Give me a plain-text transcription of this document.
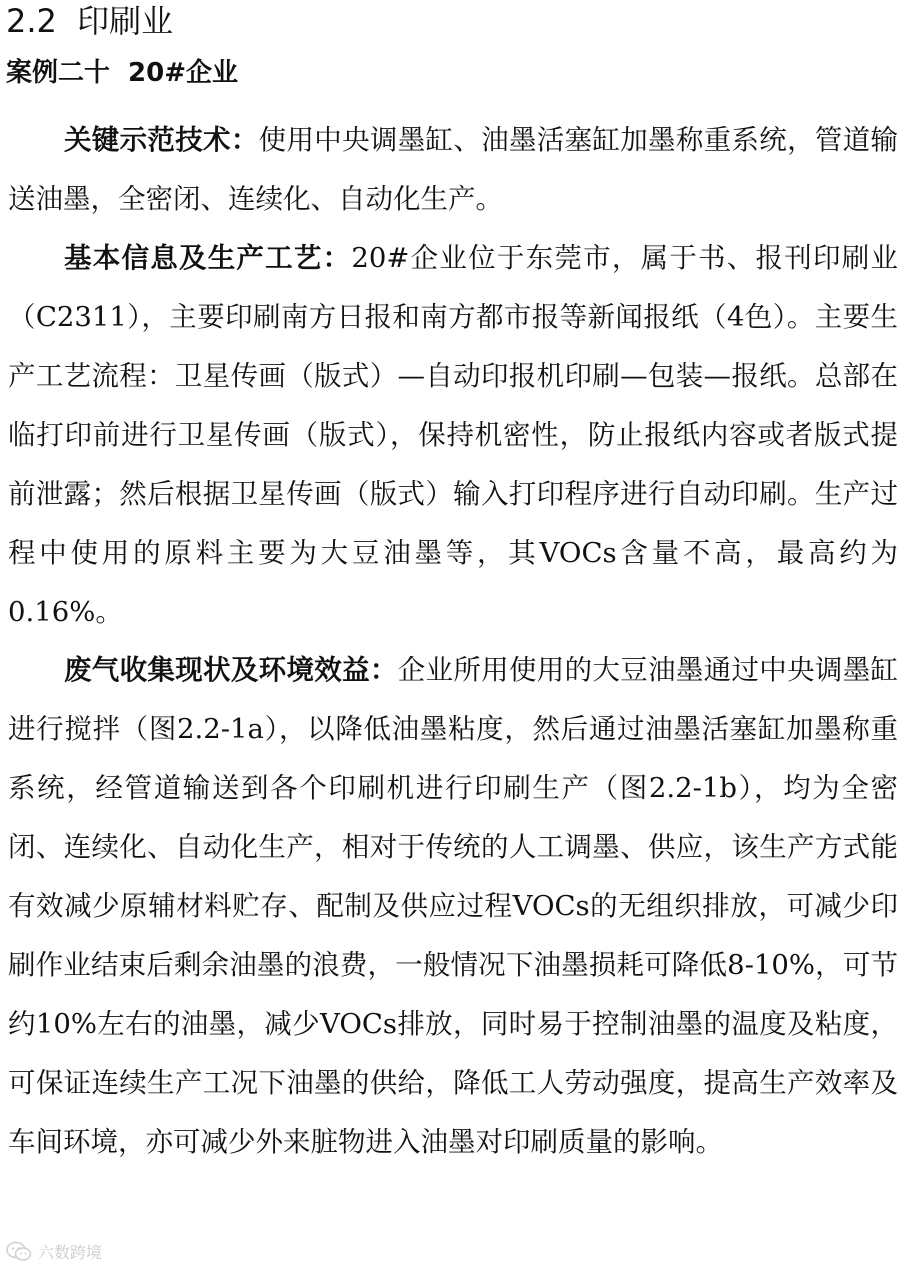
2.2 印刷业
案例二十 20#企业

关键示范技术：使用中央调墨缸、油墨活塞缸加墨称重系统，管道输送油墨，全密闭、连续化、自动化生产。

基本信息及生产工艺：20#企业位于东莞市，属于书、报刊印刷业（C2311），主要印刷南方日报和南方都市报等新闻报纸（4色）。主要生产工艺流程：卫星传画（版式）—自动印报机印刷—包装—报纸。总部在临打印前进行卫星传画（版式），保持机密性，防止报纸内容或者版式提前泄露；然后根据卫星传画（版式）输入打印程序进行自动印刷。生产过程中使用的原料主要为大豆油墨等，其VOCs含量不高，最高约为0.16%。

废气收集现状及环境效益：企业所用使用的大豆油墨通过中央调墨缸进行搅拌（图2.2-1a），以降低油墨粘度，然后通过油墨活塞缸加墨称重系统，经管道输送到各个印刷机进行印刷生产（图2.2-1b），均为全密闭、连续化、自动化生产，相对于传统的人工调墨、供应，该生产方式能有效减少原辅材料贮存、配制及供应过程VOCs的无组织排放，可减少印刷作业结束后剩余油墨的浪费，一般情况下油墨损耗可降低8-10%，可节约10%左右的油墨，减少VOCs排放，同时易于控制油墨的温度及粘度，可保证连续生产工况下油墨的供给，降低工人劳动强度，提高生产效率及车间环境，亦可减少外来脏物进入油墨对印刷质量的影响。

六数跨境
